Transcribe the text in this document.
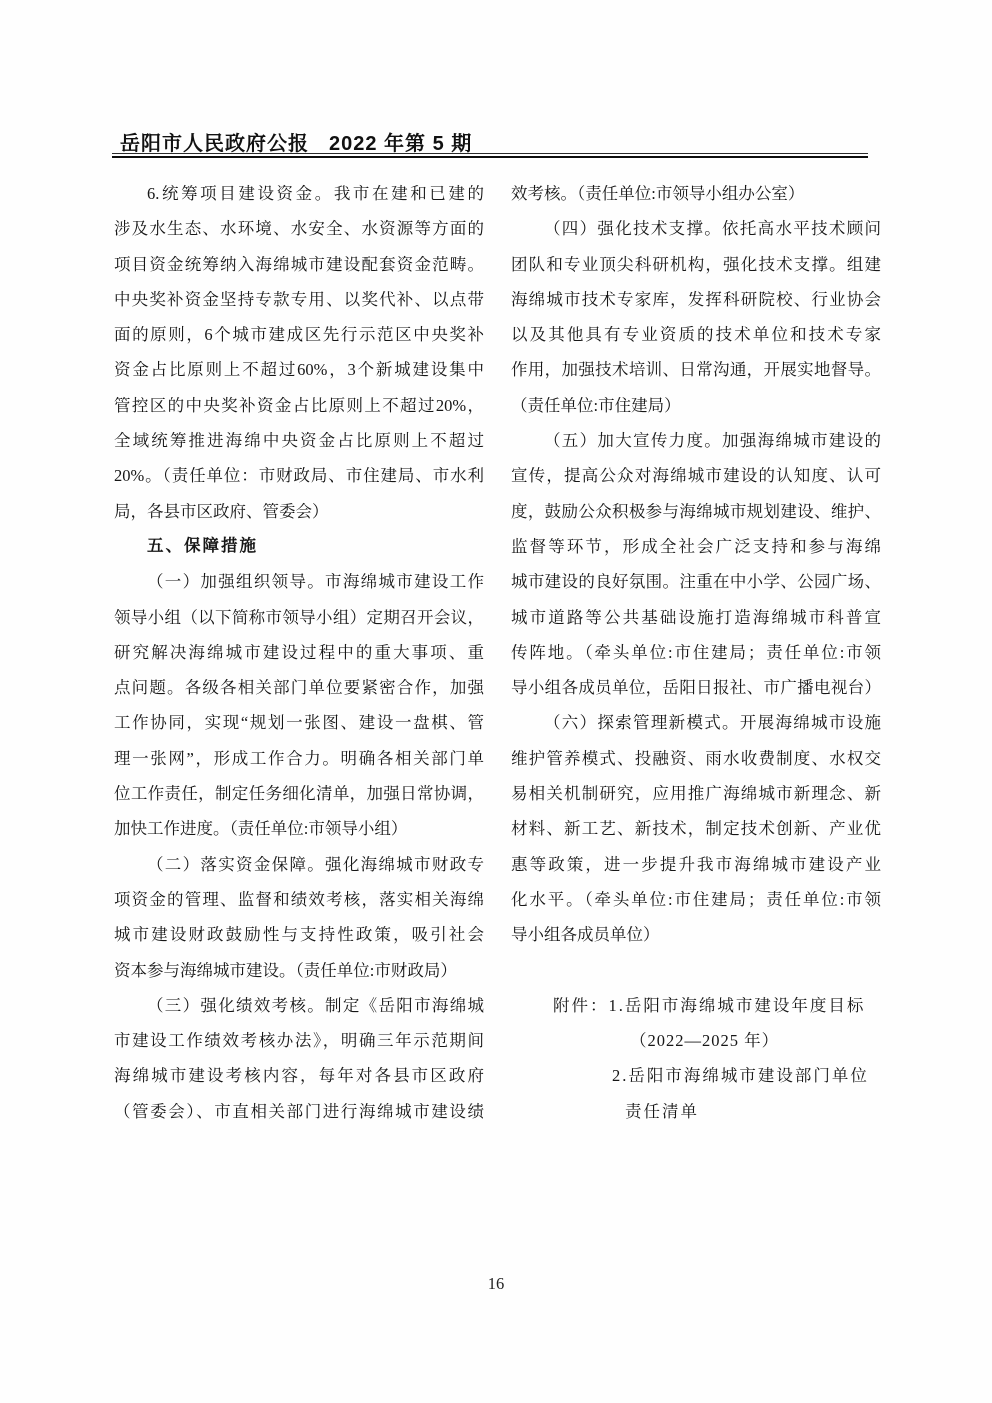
岳阳市人民政府公报 2022 年第 5 期
6.统筹项目建设资金。我市在建和已建的
涉及水生态、水环境、水安全、水资源等方面的
项目资金统筹纳入海绵城市建设配套资金范畴。
中央奖补资金坚持专款专用、以奖代补、以点带
面的原则，6个城市建成区先行示范区中央奖补
资金占比原则上不超过60%，3个新城建设集中
管控区的中央奖补资金占比原则上不超过20%，
全域统筹推进海绵中央资金占比原则上不超过
20%。（责任单位：市财政局、市住建局、市水利
局，各县市区政府、管委会）
五、保障措施
（一）加强组织领导。市海绵城市建设工作
领导小组（以下简称市领导小组）定期召开会议，
研究解决海绵城市建设过程中的重大事项、重
点问题。各级各相关部门单位要紧密合作，加强
工作协同，实现“规划一张图、建设一盘棋、管
理一张网”，形成工作合力。明确各相关部门单
位工作责任，制定任务细化清单，加强日常协调，
加快工作进度。（责任单位:市领导小组）
（二）落实资金保障。强化海绵城市财政专
项资金的管理、监督和绩效考核，落实相关海绵
城市建设财政鼓励性与支持性政策，吸引社会
资本参与海绵城市建设。（责任单位:市财政局）
（三）强化绩效考核。制定《岳阳市海绵城
市建设工作绩效考核办法》，明确三年示范期间
海绵城市建设考核内容，每年对各县市区政府
（管委会）、市直相关部门进行海绵城市建设绩
效考核。（责任单位:市领导小组办公室）
（四）强化技术支撑。依托高水平技术顾问
团队和专业顶尖科研机构，强化技术支撑。组建
海绵城市技术专家库，发挥科研院校、行业协会
以及其他具有专业资质的技术单位和技术专家
作用，加强技术培训、日常沟通，开展实地督导。
（责任单位:市住建局）
（五）加大宣传力度。加强海绵城市建设的
宣传，提高公众对海绵城市建设的认知度、认可
度，鼓励公众积极参与海绵城市规划建设、维护、
监督等环节，形成全社会广泛支持和参与海绵
城市建设的良好氛围。注重在中小学、公园广场、
城市道路等公共基础设施打造海绵城市科普宣
传阵地。（牵头单位:市住建局；责任单位:市领
导小组各成员单位，岳阳日报社、市广播电视台）
（六）探索管理新模式。开展海绵城市设施
维护管养模式、投融资、雨水收费制度、水权交
易相关机制研究，应用推广海绵城市新理念、新
材料、新工艺、新技术，制定技术创新、产业优
惠等政策，进一步提升我市海绵城市建设产业
化水平。（牵头单位:市住建局；责任单位:市领
导小组各成员单位）
附件：1.岳阳市海绵城市建设年度目标
（2022—2025 年）
2.岳阳市海绵城市建设部门单位
责任清单
16
